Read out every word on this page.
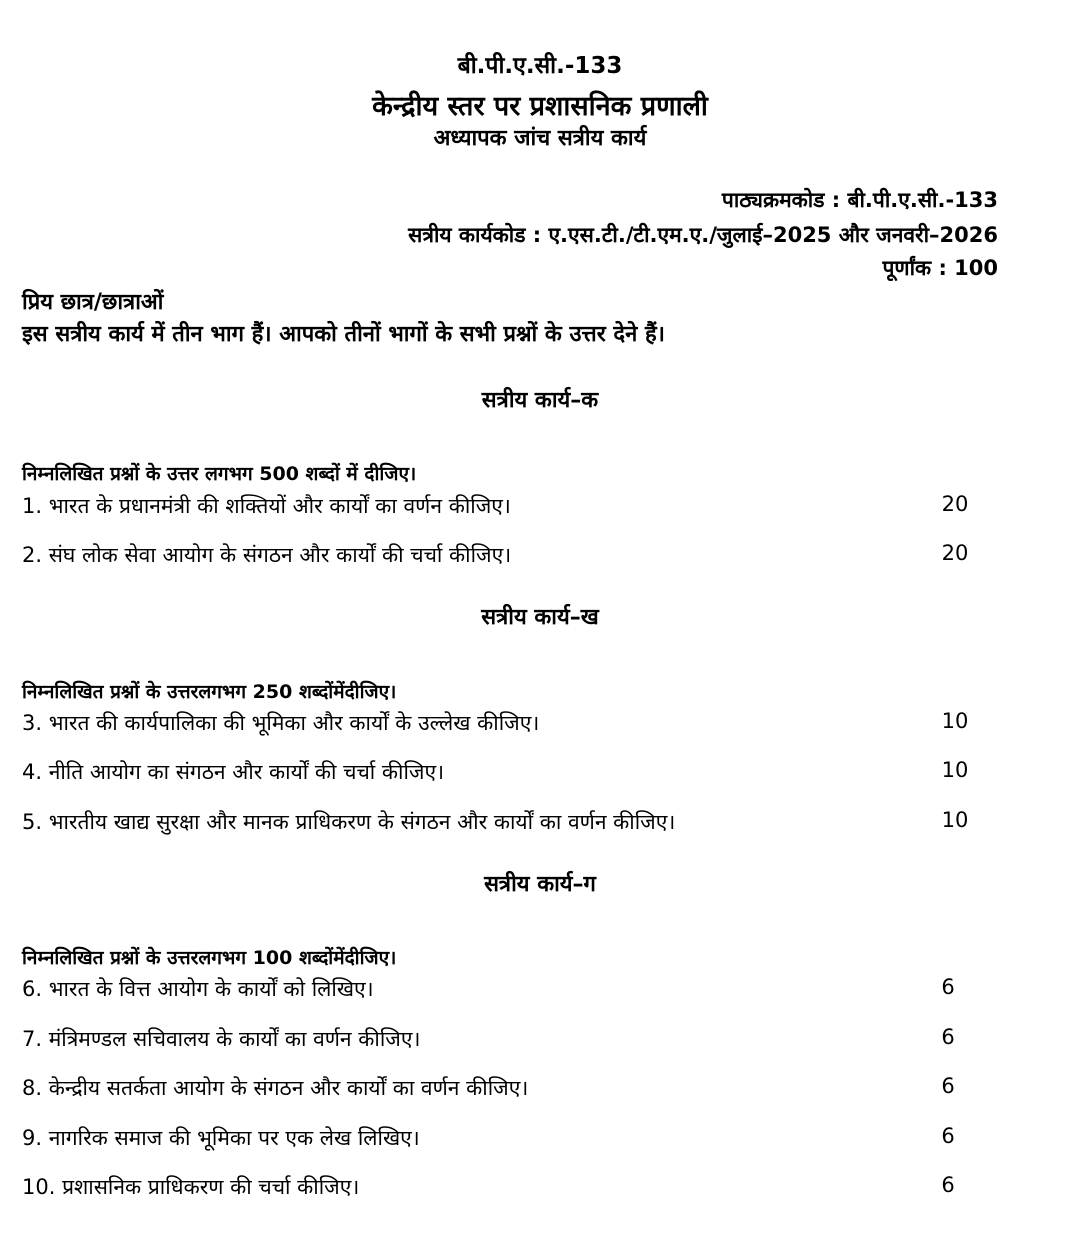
बी.पी.ए.सी.-133
केन्द्रीय स्तर पर प्रशासनिक प्रणाली
अध्यापक जांच सत्रीय कार्य
पाठ्यक्रमकोड : बी.पी.ए.सी.-133
सत्रीय कार्यकोड : ए.एस.टी./टी.एम.ए./जुलाई–2025 और जनवरी–2026
पूर्णांक : 100
प्रिय छात्र/छात्राओं
इस सत्रीय कार्य में तीन भाग हैं। आपको तीनों भागों के सभी प्रश्नों के उत्तर देने हैं।
सत्रीय कार्य–क
निम्नलिखित प्रश्नों के उत्तर लगभग 500 शब्दों में दीजिए।
1. भारत के प्रधानमंत्री की शक्तियों और कार्यों का वर्णन कीजिए।	20
2. संघ लोक सेवा आयोग के संगठन और कार्यों की चर्चा कीजिए।	20
सत्रीय कार्य–ख
निम्नलिखित प्रश्नों के उत्तरलगभग 250 शब्दोंमेंदीजिए।
3. भारत की कार्यपालिका की भूमिका और कार्यों के उल्लेख कीजिए।	10
4. नीति आयोग का संगठन और कार्यों की चर्चा कीजिए।	10
5. भारतीय खाद्य सुरक्षा और मानक प्राधिकरण के संगठन और कार्यों का वर्णन कीजिए।	10
सत्रीय कार्य–ग
निम्नलिखित प्रश्नों के उत्तरलगभग 100 शब्दोंमेंदीजिए।
6. भारत के वित्त आयोग के कार्यों को लिखिए।	6
7. मंत्रिमण्डल सचिवालय के कार्यों का वर्णन कीजिए।	6
8. केन्द्रीय सतर्कता आयोग के संगठन और कार्यों का वर्णन कीजिए।	6
9. नागरिक समाज की भूमिका पर एक लेख लिखिए।	6
10. प्रशासनिक प्राधिकरण की चर्चा कीजिए।	6
